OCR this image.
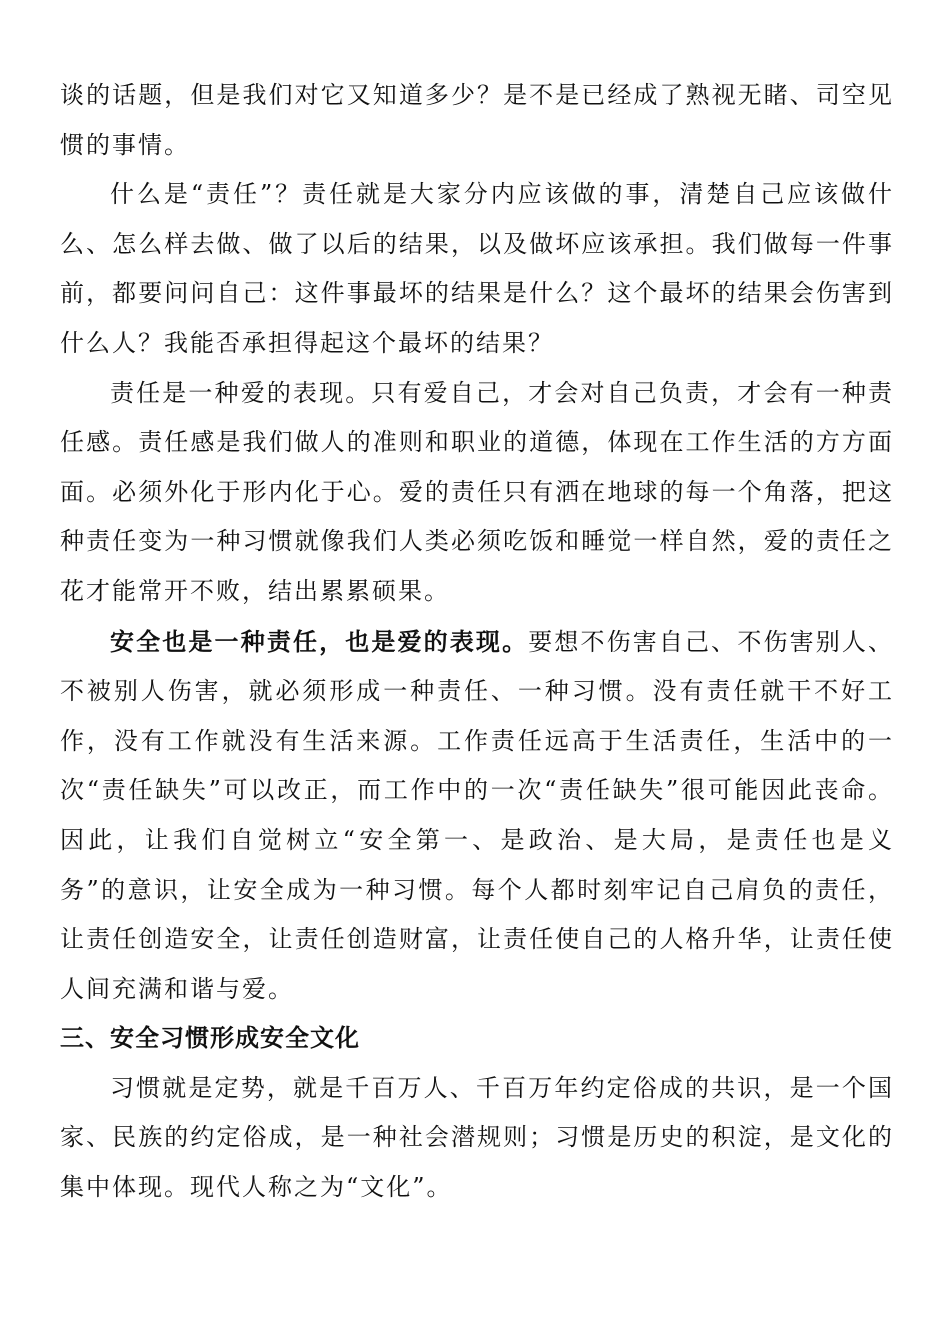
谈的话题，但是我们对它又知道多少？是不是已经成了熟视无睹、司空见惯的事情。

什么是“责任”？责任就是大家分内应该做的事，清楚自己应该做什么、怎么样去做、做了以后的结果，以及做坏应该承担。我们做每一件事前，都要问问自己：这件事最坏的结果是什么？这个最坏的结果会伤害到什么人？我能否承担得起这个最坏的结果？

责任是一种爱的表现。只有爱自己，才会对自己负责，才会有一种责任感。责任感是我们做人的准则和职业的道德，体现在工作生活的方方面面。必须外化于形内化于心。爱的责任只有洒在地球的每一个角落，把这种责任变为一种习惯就像我们人类必须吃饭和睡觉一样自然，爱的责任之花才能常开不败，结出累累硕果。

安全也是一种责任，也是爱的表现。要想不伤害自己、不伤害别人、不被别人伤害，就必须形成一种责任、一种习惯。没有责任就干不好工作，没有工作就没有生活来源。工作责任远高于生活责任，生活中的一次“责任缺失”可以改正，而工作中的一次“责任缺失”很可能因此丧命。因此，让我们自觉树立“安全第一、是政治、是大局，是责任也是义务”的意识，让安全成为一种习惯。每个人都时刻牢记自己肩负的责任，让责任创造安全，让责任创造财富，让责任使自己的人格升华，让责任使人间充满和谐与爱。

三、安全习惯形成安全文化

习惯就是定势，就是千百万人、千百万年约定俗成的共识，是一个国家、民族的约定俗成，是一种社会潜规则；习惯是历史的积淀，是文化的集中体现。现代人称之为“文化”。
